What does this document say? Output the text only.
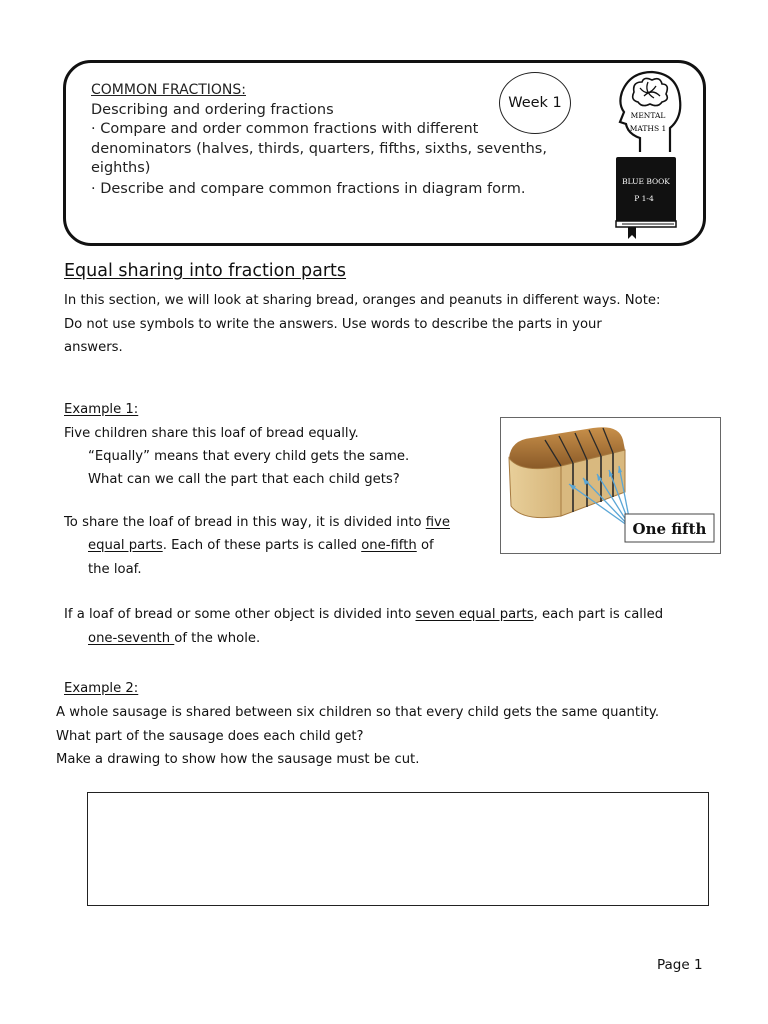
COMMON FRACTIONS:
Describing and ordering fractions
· Compare and order common fractions with different
denominators (halves, thirds, quarters, fifths, sixths, sevenths,
eighths)
· Describe and compare common fractions in diagram form.
Week 1
MENTAL
MATHS 1
BLUE BOOK
P 1-4
Equal sharing into fraction parts
In this section, we will look at sharing bread, oranges and peanuts in different ways. Note:
Do not use symbols to write the answers. Use words to describe the parts in your
answers.
Example 1:
Five children share this loaf of bread equally.
“Equally” means that every child gets the same.
What can we call the part that each child gets?
To share the loaf of bread in this way, it is divided into five
equal parts. Each of these parts is called one-fifth of
the loaf.
If a loaf of bread or some other object is divided into seven equal parts, each part is called
one-seventh of the whole.
One fifth
Example 2:
A whole sausage is shared between six children so that every child gets the same quantity.
What part of the sausage does each child get?
Make a drawing to show how the sausage must be cut.
Page 1
